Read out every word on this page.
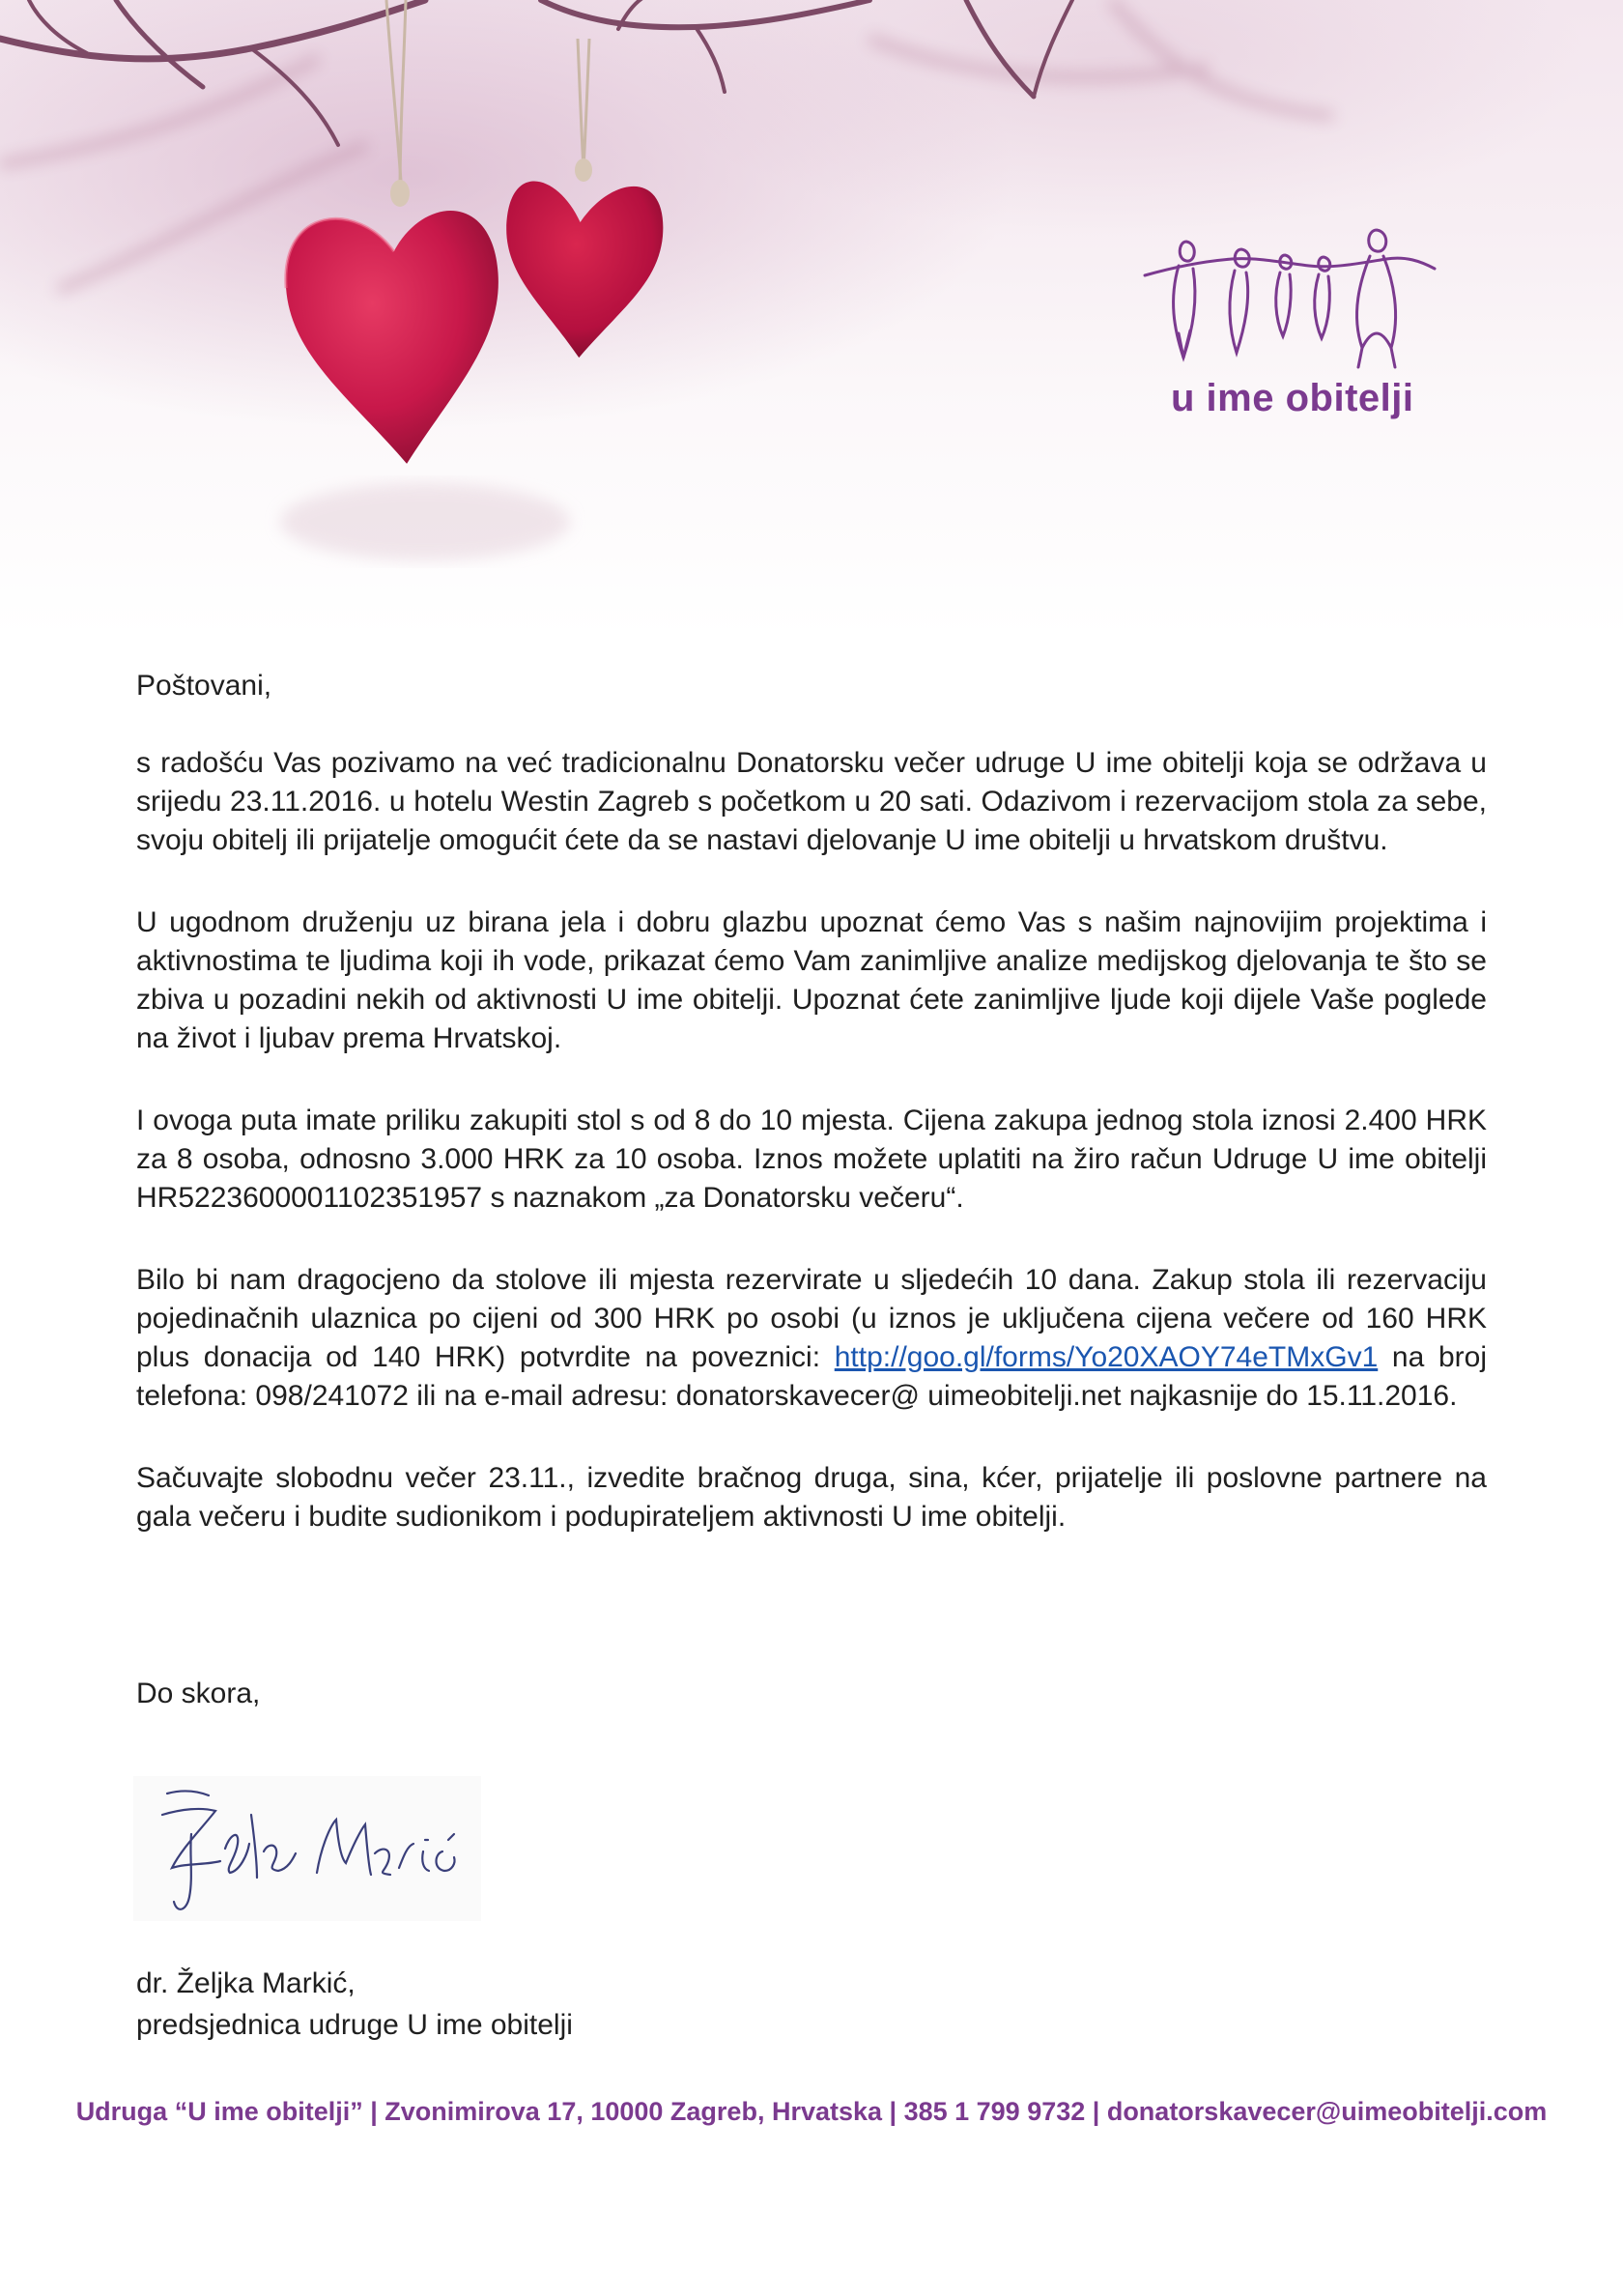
u ime obitelji

Poštovani,

s radošću Vas pozivamo na već tradicionalnu Donatorsku večer udruge U ime obitelji koja se održava u srijedu 23.11.2016. u hotelu Westin Zagreb s početkom u 20 sati. Odazivom i rezervacijom stola za sebe, svoju obitelj ili prijatelje omogućit ćete da se nastavi djelovanje U ime obitelji u hrvatskom društvu.

U ugodnom druženju uz birana jela i dobru glazbu upoznat ćemo Vas s našim najnovijim projektima i aktivnostima te ljudima koji ih vode, prikazat ćemo Vam zanimljive analize medijskog djelovanja te što se zbiva u pozadini nekih od aktivnosti U ime obitelji. Upoznat ćete zanimljive ljude koji dijele Vaše poglede na život i ljubav prema Hrvatskoj.

I ovoga puta imate priliku zakupiti stol s od 8 do 10 mjesta. Cijena zakupa jednog stola iznosi 2.400 HRK za 8 osoba, odnosno 3.000 HRK za 10 osoba. Iznos možete uplatiti na žiro račun Udruge U ime obitelji HR5223600001102351957 s naznakom „za Donatorsku večeru“.

Bilo bi nam dragocjeno da stolove ili mjesta rezervirate u sljedećih 10 dana. Zakup stola ili rezervaciju pojedinačnih ulaznica po cijeni od 300 HRK po osobi (u iznos je uključena cijena večere od 160 HRK plus donacija od 140 HRK) potvrdite na poveznici: http://goo.gl/forms/Yo20XAOY74eTMxGv1 na broj telefona: 098/241072 ili na e-mail adresu: donatorskavecer@ uimeobitelji.net najkasnije do 15.11.2016.

Sačuvajte slobodnu večer 23.11., izvedite bračnog druga, sina, kćer, prijatelje ili poslovne partnere na gala večeru i budite sudionikom i podupirateljem aktivnosti U ime obitelji.

Do skora,
dr. Željka Markić,
predsjednica udruge U ime obitelji
Udruga “U ime obitelji” | Zvonimirova 17, 10000 Zagreb, Hrvatska | 385 1 799 9732 | donatorskavecer@uimeobitelji.com
